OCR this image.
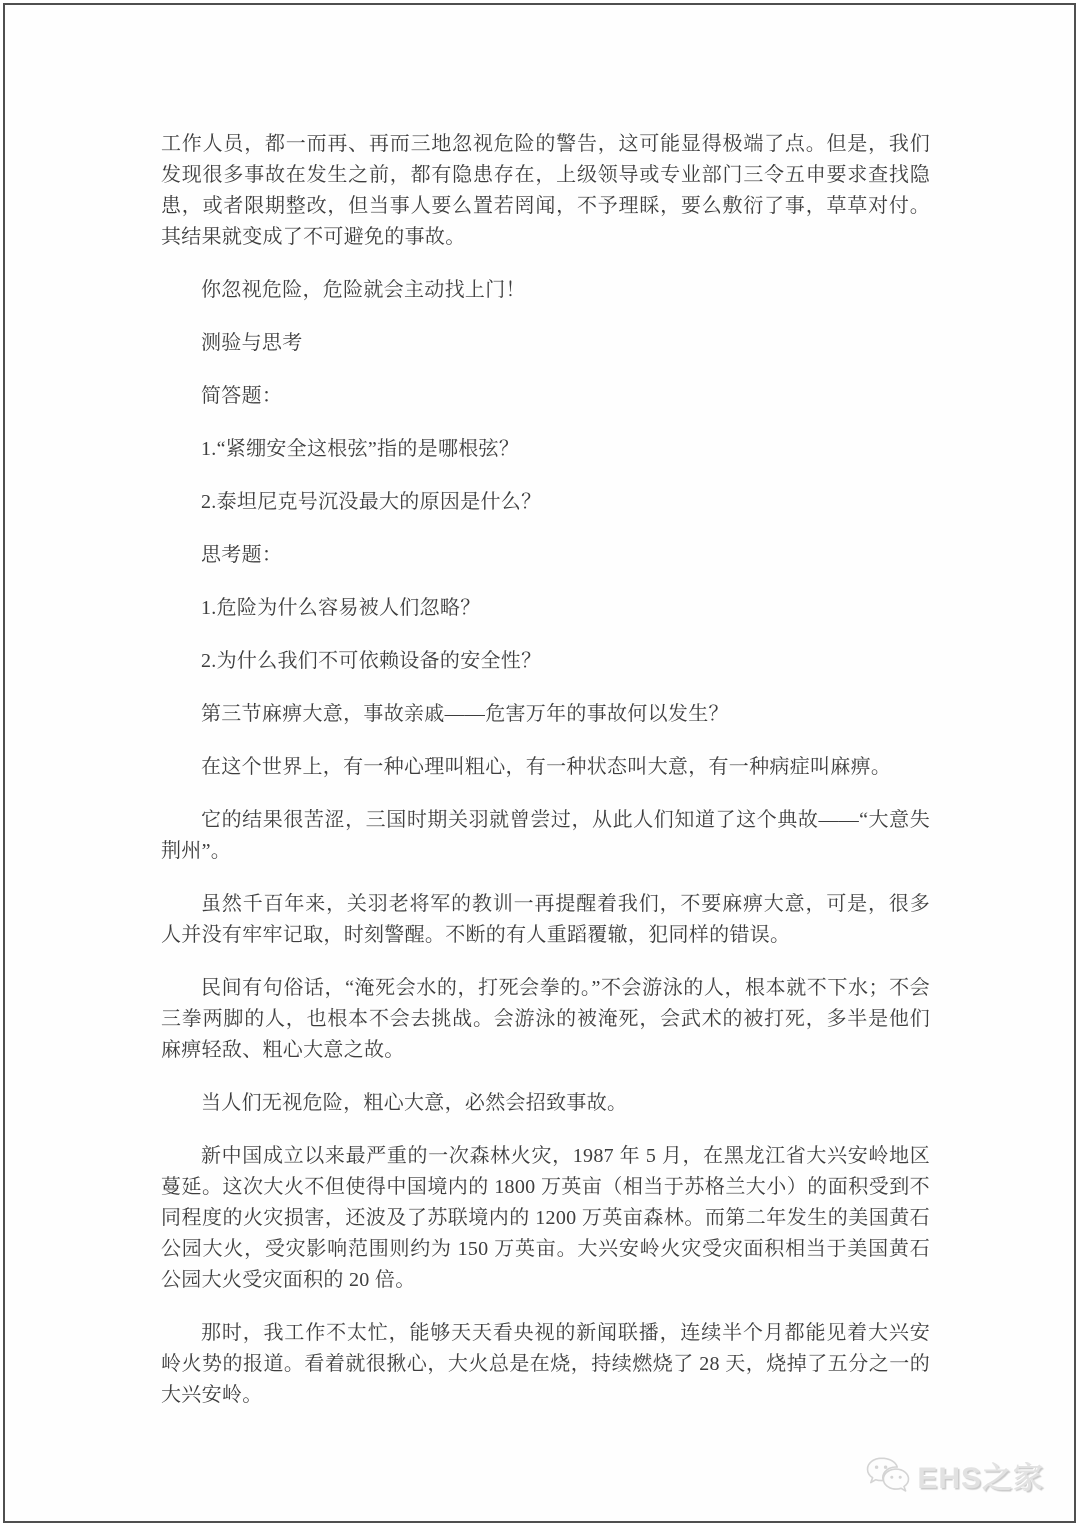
工作人员，都一而再、再而三地忽视危险的警告，这可能显得极端了点。但是，我们发现很多事故在发生之前，都有隐患存在，上级领导或专业部门三令五申要求查找隐患，或者限期整改，但当事人要么置若罔闻，不予理睬，要么敷衍了事，草草对付。其结果就变成了不可避免的事故。

你忽视危险，危险就会主动找上门！

测验与思考

简答题：

1.“紧绷安全这根弦”指的是哪根弦？

2.泰坦尼克号沉没最大的原因是什么？

思考题：

1.危险为什么容易被人们忽略？

2.为什么我们不可依赖设备的安全性？

第三节麻痹大意，事故亲戚——危害万年的事故何以发生？

在这个世界上，有一种心理叫粗心，有一种状态叫大意，有一种病症叫麻痹。

它的结果很苦涩，三国时期关羽就曾尝过，从此人们知道了这个典故——“大意失荆州”。

虽然千百年来，关羽老将军的教训一再提醒着我们，不要麻痹大意，可是，很多人并没有牢牢记取，时刻警醒。不断的有人重蹈覆辙，犯同样的错误。

民间有句俗话，“淹死会水的，打死会拳的。”不会游泳的人，根本就不下水；不会三拳两脚的人，也根本不会去挑战。会游泳的被淹死，会武术的被打死，多半是他们麻痹轻敌、粗心大意之故。

当人们无视危险，粗心大意，必然会招致事故。

新中国成立以来最严重的一次森林火灾，1987 年 5 月，在黑龙江省大兴安岭地区蔓延。这次大火不但使得中国境内的 1800 万英亩（相当于苏格兰大小）的面积受到不同程度的火灾损害，还波及了苏联境内的 1200 万英亩森林。而第二年发生的美国黄石公园大火，受灾影响范围则约为 150 万英亩。大兴安岭火灾受灾面积相当于美国黄石公园大火受灾面积的 20 倍。

那时，我工作不太忙，能够天天看央视的新闻联播，连续半个月都能见着大兴安岭火势的报道。看着就很揪心，大火总是在烧，持续燃烧了 28 天，烧掉了五分之一的大兴安岭。

EHS之家
